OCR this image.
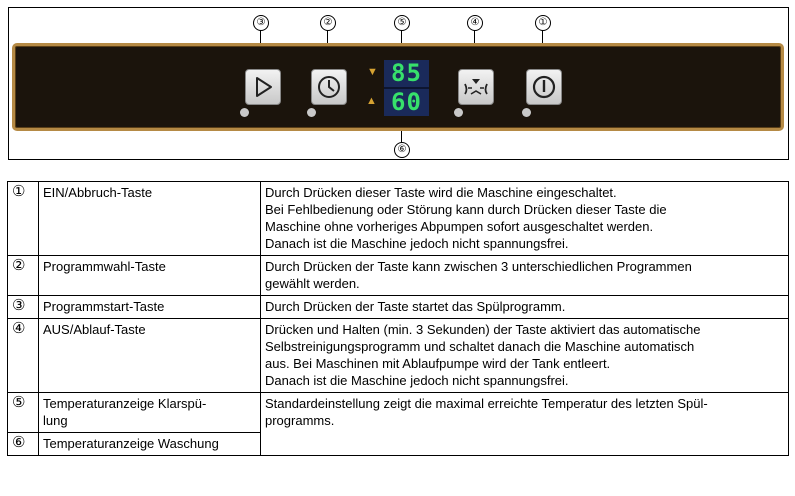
③	②	⑤	④	①
⑥
▼
▲
85
60
①	EIN/Abbruch-Taste	Durch Drücken dieser Taste wird die Maschine eingeschaltet.
Bei Fehlbedienung oder Störung kann durch Drücken dieser Taste die
Maschine ohne vorheriges Abpumpen sofort ausgeschaltet werden.
Danach ist die Maschine jedoch nicht spannungsfrei.

②	Programmwahl-Taste	Durch Drücken der Taste kann zwischen 3 unterschiedlichen Programmen
gewählt werden.

③	Programmstart-Taste	Durch Drücken der Taste startet das Spülprogramm.

④	AUS/Ablauf-Taste	Drücken und Halten (min. 3 Sekunden) der Taste aktiviert das automatische
Selbstreinigungsprogramm und schaltet danach die Maschine automatisch
aus. Bei Maschinen mit Ablaufpumpe wird der Tank entleert.
Danach ist die Maschine jedoch nicht spannungsfrei.

⑤	Temperaturanzeige Klarspü-
lung	Standardeinstellung zeigt die maximal erreichte Temperatur des letzten Spül-
programms.

⑥	Temperaturanzeige Waschung	
